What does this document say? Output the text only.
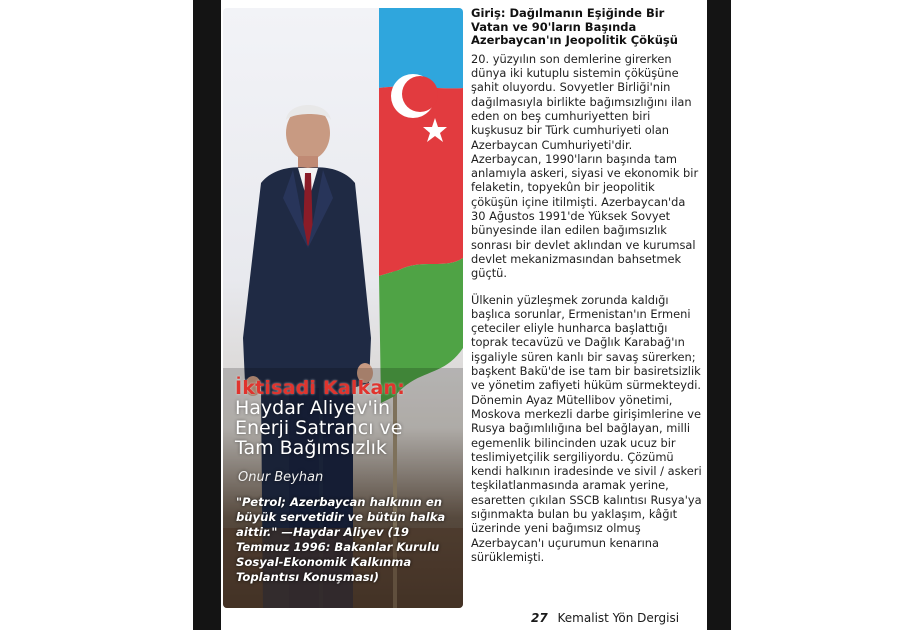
İktisadi Kalkan:
Haydar Aliyev'in
Enerji Satrancı ve
Tam Bağımsızlık
Onur Beyhan
"Petrol; Azerbaycan halkının en büyük servetidir ve bütün halka aittir." —Haydar Aliyev (19 Temmuz 1996: Bakanlar Kurulu Sosyal-Ekonomik Kalkınma Toplantısı Konuşması)
Giriş: Dağılmanın Eşiğinde Bir Vatan ve 90'ların Başında Azerbaycan'ın Jeopolitik Çöküşü

20. yüzyılın son demlerine girerken dünya iki kutuplu sistemin çöküşüne şahit oluyordu. Sovyetler Birliği'nin dağılmasıyla birlikte bağımsızlığını ilan eden on beş cumhuriyetten biri kuşkusuz bir Türk cumhuriyeti olan Azerbaycan Cumhuriyeti'dir. Azerbaycan, 1990'ların başında tam anlamıyla askeri, siyasi ve ekonomik bir felaketin, topyekûn bir jeopolitik çöküşün içine itilmişti. Azerbaycan'da 30 Ağustos 1991'de Yüksek Sovyet bünyesinde ilan edilen bağımsızlık sonrası bir devlet aklından ve kurumsal devlet mekanizmasından bahsetmek güçtü.

Ülkenin yüzleşmek zorunda kaldığı başlıca sorunlar, Ermenistan'ın Ermeni çeteciler eliyle hunharca başlattığı toprak tecavüzü ve Dağlık Karabağ'ın işgaliyle süren kanlı bir savaş sürerken; başkent Bakü'de ise tam bir basiretsizlik ve yönetim zafiyeti hüküm sürmekteydi. Dönemin Ayaz Mütellibov yönetimi, Moskova merkezli darbe girişimlerine ve Rusya bağımlılığına bel bağlayan, milli egemenlik bilincinden uzak ucuz bir teslimiyetçilik sergiliyordu. Çözümü kendi halkının iradesinde ve sivil / askeri teşkilatlanmasında aramak yerine, esaretten çıkılan SSCB kalıntısı Rusya'ya sığınmakta bulan bu yaklaşım, kâğıt üzerinde yeni bağımsız olmuş Azerbaycan'ı uçurumun kenarına sürüklemişti.

27 Kemalist Yön Dergisi
